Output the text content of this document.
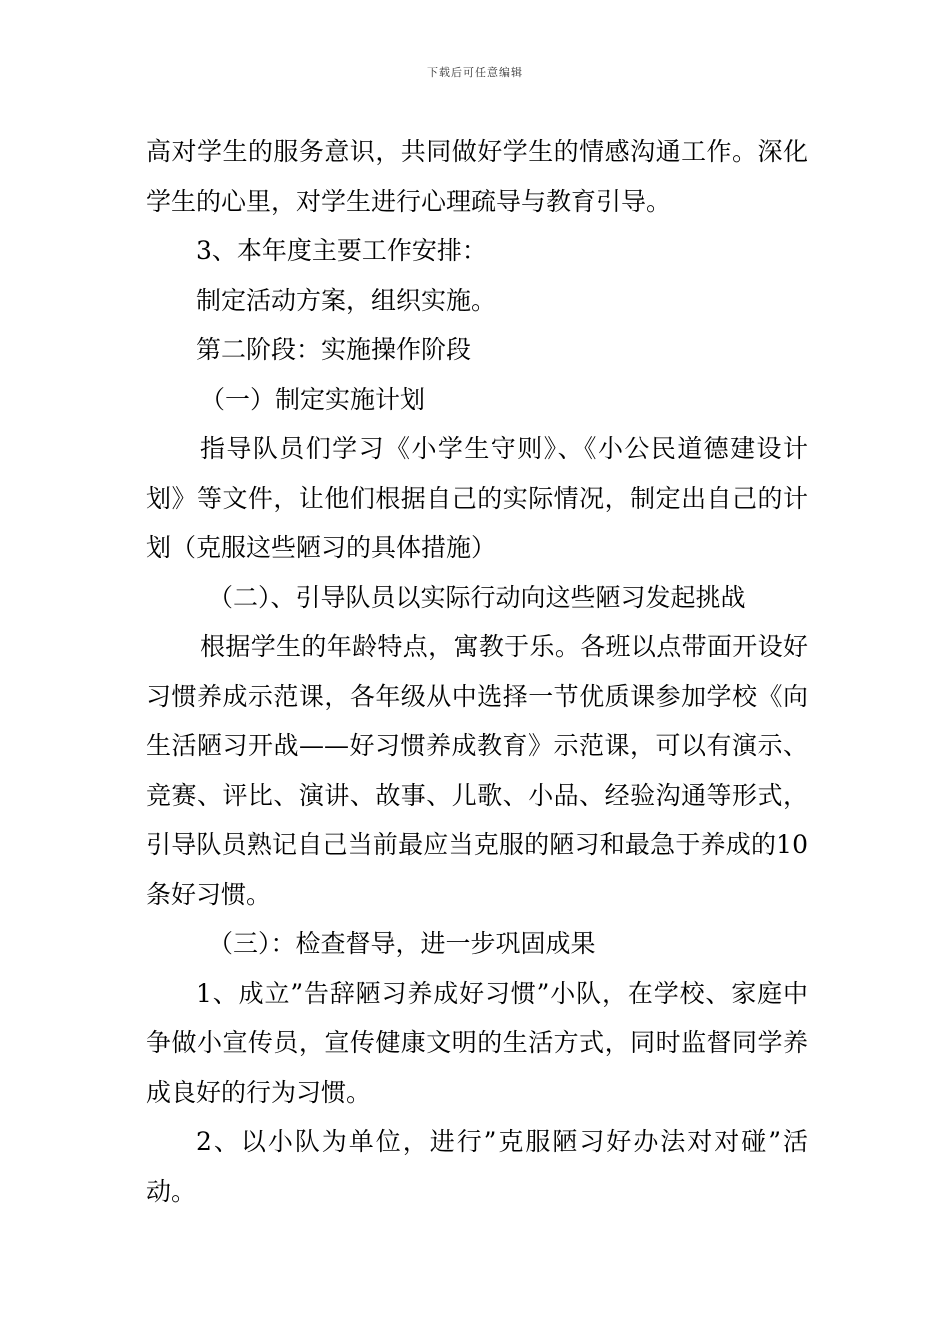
下载后可任意编辑

高对学生的服务意识，共同做好学生的情感沟通工作。深化学生的心里，对学生进行心理疏导与教育引导。

3、本年度主要工作安排：

制定活动方案，组织实施。

第二阶段：实施操作阶段

（一）制定实施计划

指导队员们学习《小学生守则》、《小公民道德建设计划》等文件，让他们根据自己的实际情况，制定出自己的计划（克服这些陋习的具体措施）

（二）、引导队员以实际行动向这些陋习发起挑战

根据学生的年龄特点，寓教于乐。各班以点带面开设好习惯养成示范课，各年级从中选择一节优质课参加学校《向生活陋习开战——好习惯养成教育》示范课，可以有演示、竞赛、评比、演讲、故事、儿歌、小品、经验沟通等形式，引导队员熟记自己当前最应当克服的陋习和最急于养成的10条好习惯。

（三）：检查督导，进一步巩固成果

1、成立”告辞陋习养成好习惯”小队，在学校、家庭中争做小宣传员，宣传健康文明的生活方式，同时监督同学养成良好的行为习惯。

2、以小队为单位，进行”克服陋习好办法对对碰”活动。
